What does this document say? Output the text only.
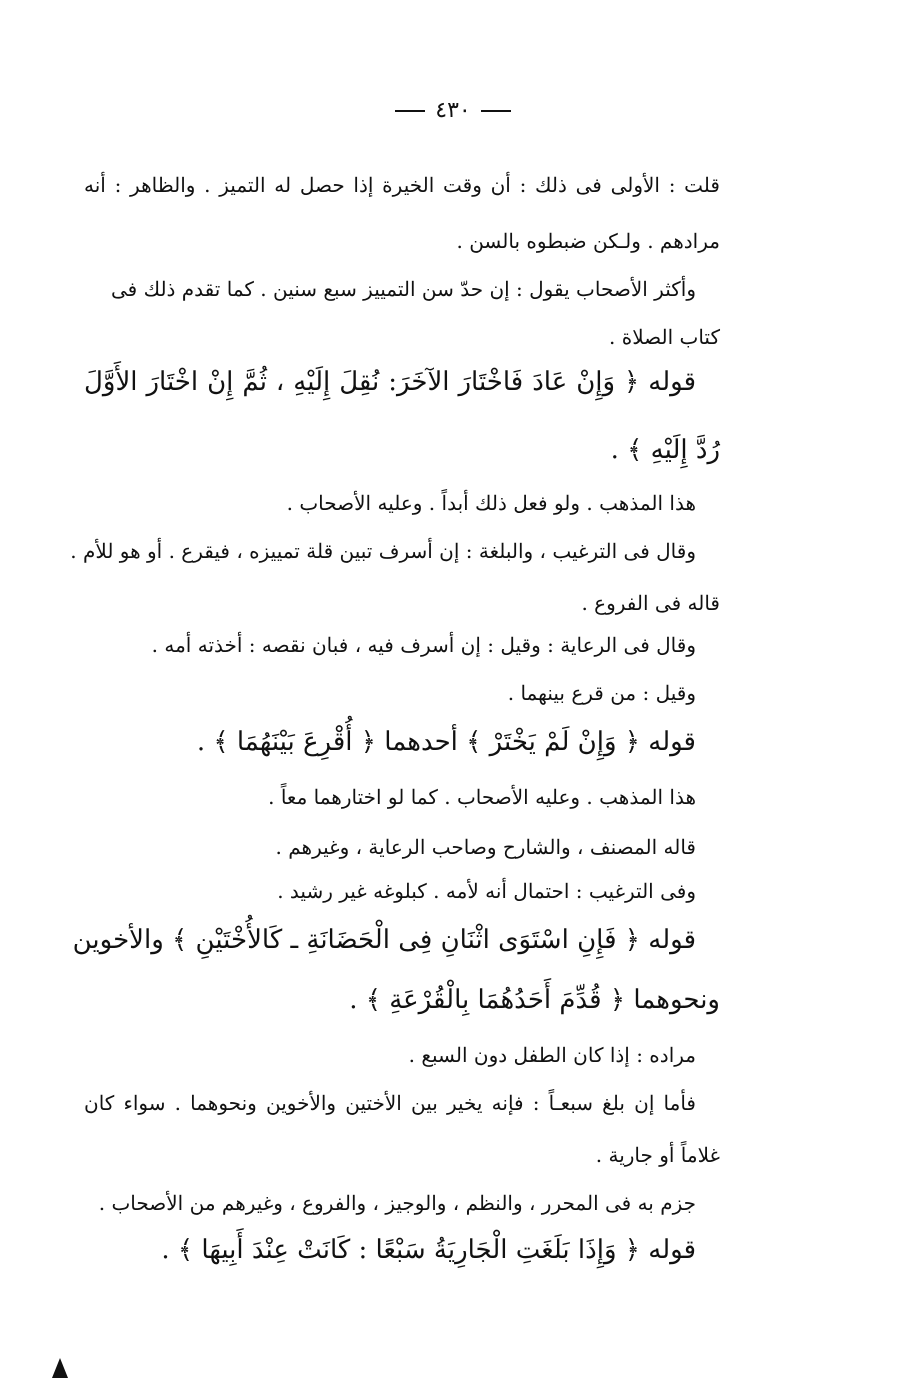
٤٣٠
قلت : الأولى فى ذلك : أن وقت الخيرة إذا حصل له التميز . والظاهر : أنه
مرادهم . ولـكن ضبطوه بالسن .
وأكثر الأصحاب يقول : إن حدّ سن التمييز سبع سنين . كما تقدم ذلك فى
كتاب الصلاة .
قوله ﴿ وَإِنْ عَادَ فَاخْتَارَ الآخَرَ: نُقِلَ إِلَيْهِ ، ثُمَّ إِنْ اخْتَارَ الأَوَّلَ
رُدَّ إِلَيْهِ ﴾ .
هذا المذهب . ولو فعل ذلك أبداً . وعليه الأصحاب .
وقال فى الترغيب ، والبلغة : إن أسرف تبين قلة تمييزه ، فيقرع . أو هو للأم .
قاله فى الفروع .
وقال فى الرعاية : وقيل : إن أسرف فيه ، فبان نقصه : أخذته أمه .
وقيل : من قرع بينهما .
قوله ﴿ وَإِنْ لَمْ يَخْتَرْ ﴾ أحدهما ﴿ أُقْرِعَ بَيْنَهُمَا ﴾ .
هذا المذهب . وعليه الأصحاب . كما لو اختارهما معاً .
قاله المصنف ، والشارح وصاحب الرعاية ، وغيرهم .
وفى الترغيب : احتمال أنه لأمه . كبلوغه غير رشيد .
قوله ﴿ فَإِنِ اسْتَوَى اثْنَانِ فِى الْحَضَانَةِ ـ كَالأُخْتَيْنِ ﴾ والأخوين
ونحوهما ﴿ قُدِّمَ أَحَدُهُمَا بِالْقُرْعَةِ ﴾ .
مراده : إذا كان الطفل دون السبع .
فأما إن بلغ سبعـاً : فإنه يخير بين الأختين والأخوين ونحوهما . سواء كان
غلاماً أو جارية .
جزم به فى المحرر ، والنظم ، والوجيز ، والفروع ، وغيرهم من الأصحاب .
قوله ﴿ وَإِذَا بَلَغَتِ الْجَارِيَةُ سَبْعًا : كَانَتْ عِنْدَ أَبِيهَا ﴾ .
